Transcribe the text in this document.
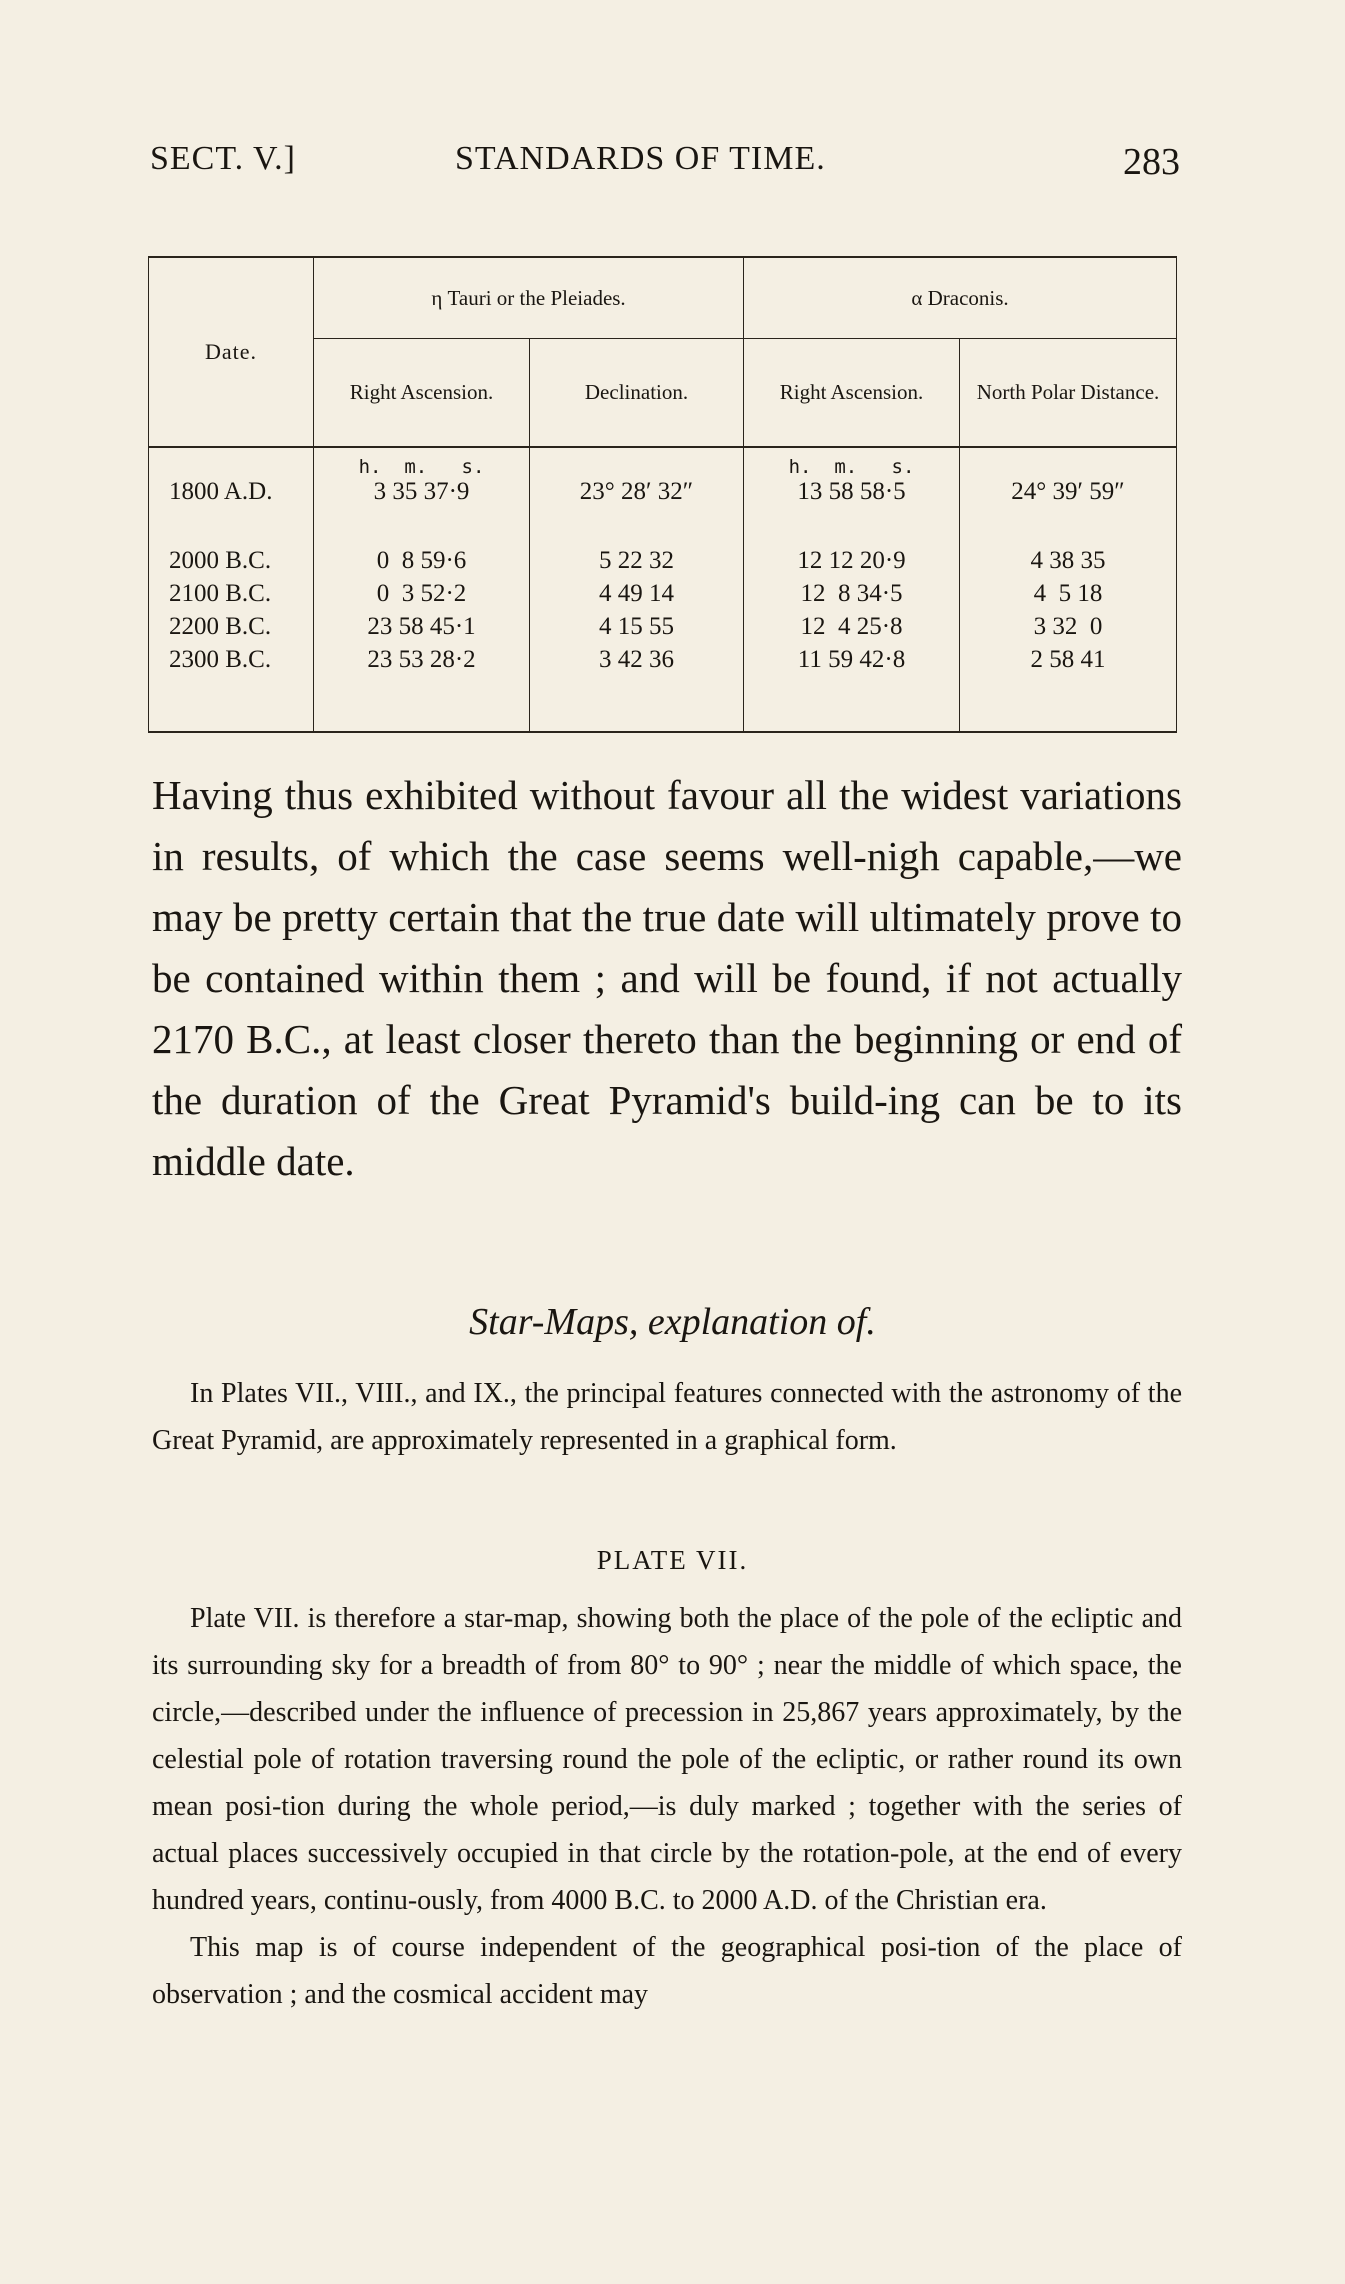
SECT. V.]	STANDARDS OF TIME.	283
Date.	η Tauri or the Pleiades.		α Draconis.	
	Right Ascension.	Declination.	Right Ascension.	North Polar Distance.
	h.  m.   s.		h.  m.   s.	
1800 A.D.	3 35 37·9	23° 28′ 32″	13 58 58·5	24° 39′ 59″

2000 B.C.	0  8 59·6	5 22 32	12 12 20·9	4 38 35
2100 B.C.	0  3 52·2	4 49 14	12  8 34·5	4  5 18
2200 B.C.	23 58 45·1	4 15 55	12  4 25·8	3 32  0
2300 B.C.	23 53 28·2	3 42 36	11 59 42·8	2 58 41

Having thus exhibited without favour all the widest variations in results, of which the case seems well-nigh capable,—we may be pretty certain that the true date will ultimately prove to be contained within them ; and will be found, if not actually 2170 B.C., at least closer thereto than the beginning or end of the duration of the Great Pyramid's build-ing can be to its middle date.

Star-Maps, explanation of.

In Plates VII., VIII., and IX., the principal features connected with the astronomy of the Great Pyramid, are approximately represented in a graphical form.

PLATE VII.

Plate VII. is therefore a star-map, showing both the place of the pole of the ecliptic and its surrounding sky for a breadth of from 80° to 90° ; near the middle of which space, the circle,—described under the influence of precession in 25,867 years approximately, by the celestial pole of rotation traversing round the pole of the ecliptic, or rather round its own mean posi-tion during the whole period,—is duly marked ; together with the series of actual places successively occupied in that circle by the rotation-pole, at the end of every hundred years, continu-ously, from 4000 B.C. to 2000 A.D. of the Christian era.

This map is of course independent of the geographical posi-tion of the place of observation ; and the cosmical accident may
